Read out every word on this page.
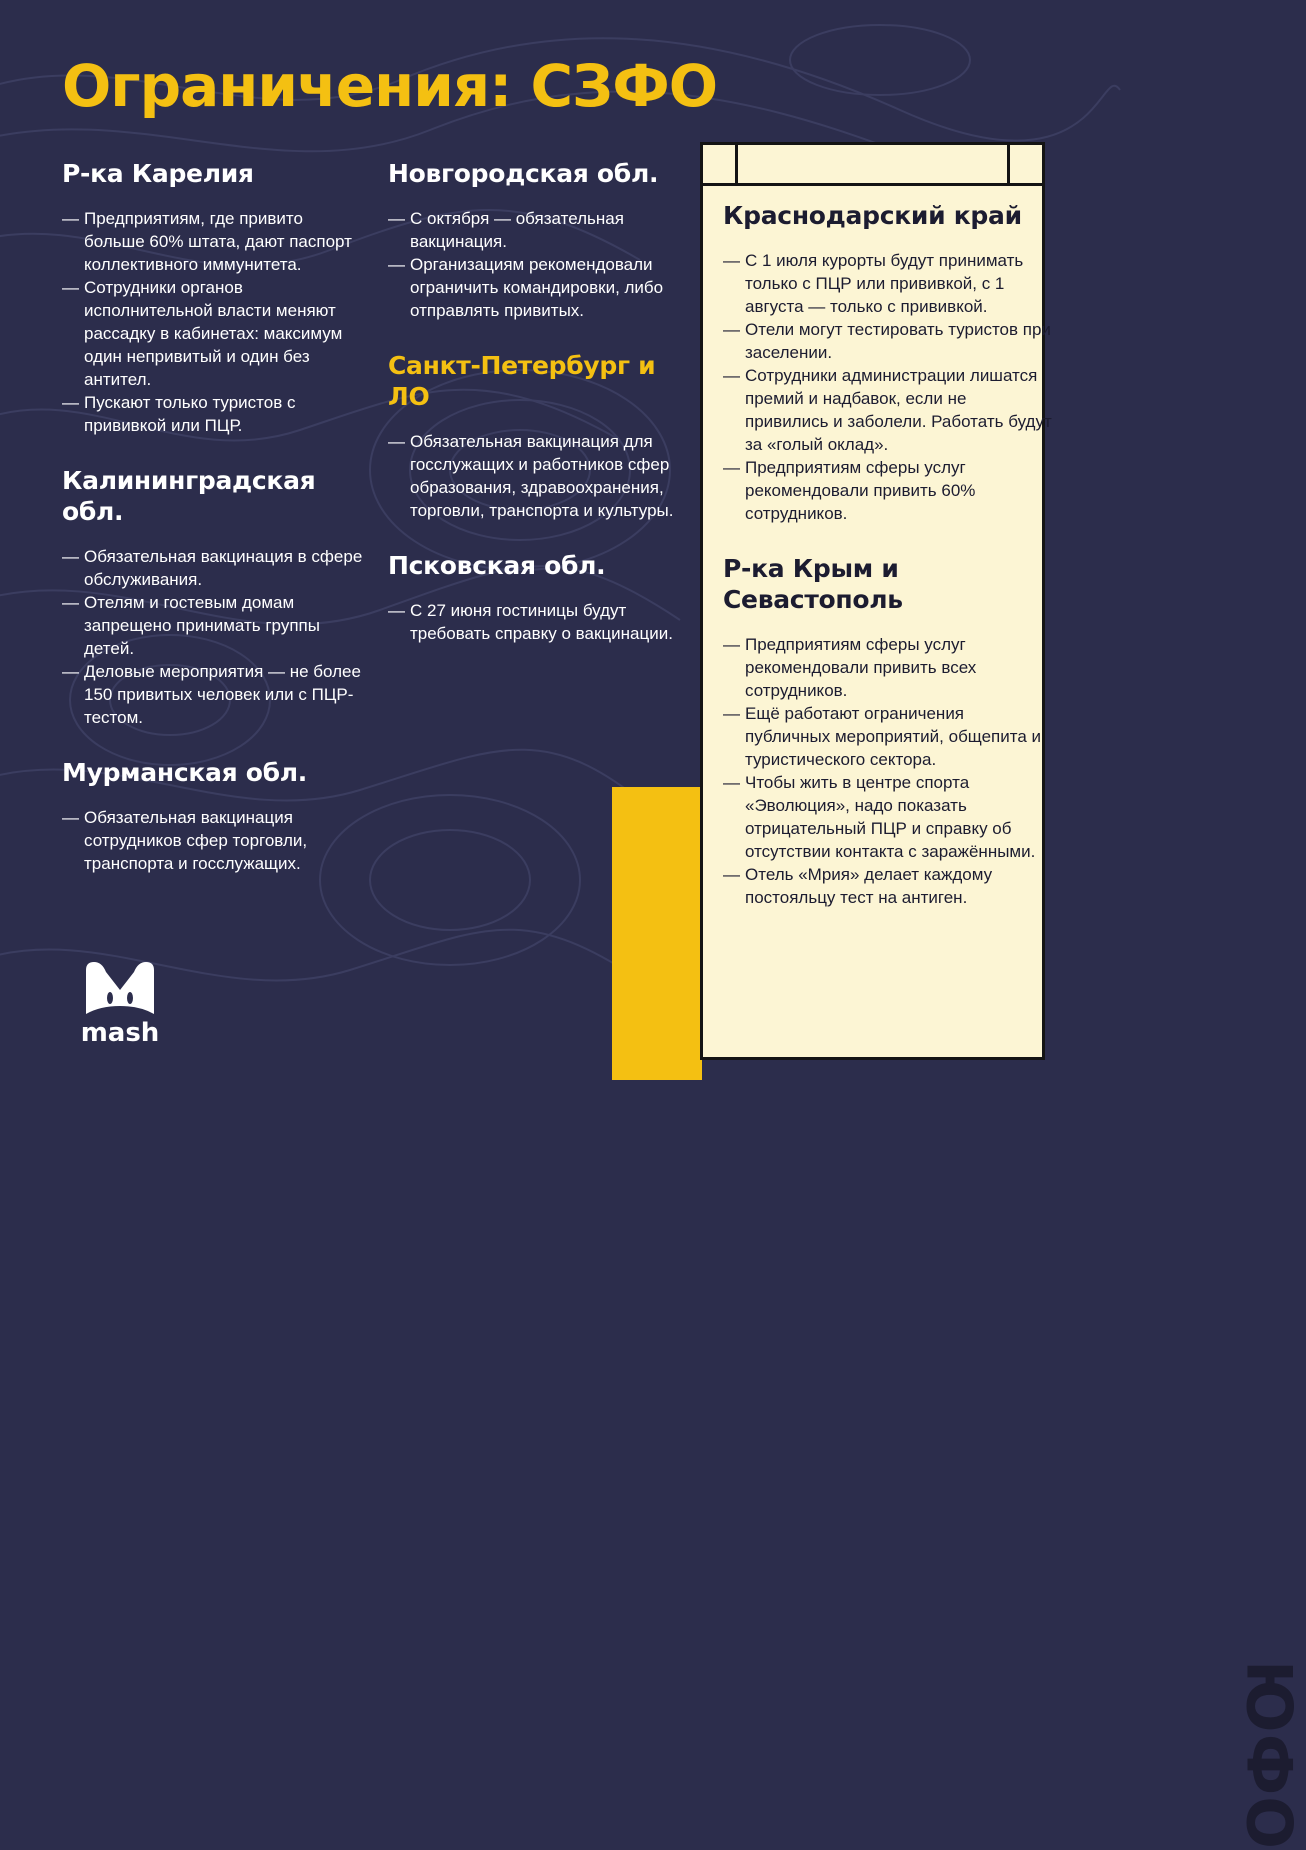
Ограничения: СЗФО
Р-ка Карелия
— Предприятиям, где привито больше 60% штата, дают паспорт коллективного иммунитета.
— Сотрудники органов исполнительной власти меняют рассадку в кабинетах: максимум один непривитый и один без антител.
— Пускают только туристов с прививкой или ПЦР.
Калининградская обл.
— Обязательная вакцинация в сфере обслуживания.
— Отелям и гостевым домам запрещено принимать группы детей.
— Деловые мероприятия — не более 150 привитых человек или с ПЦР-тестом.
Мурманская обл.
— Обязательная вакцинация сотрудников сфер торговли, транспорта и госслужащих.
Новгородская обл.
— С октября — обязательная вакцинация.
— Организациям рекомендовали ограничить командировки, либо отправлять привитых.
Санкт-Петербург и ЛО
— Обязательная вакцинация для госслужащих и работников сфер образования, здравоохранения, торговли, транспорта и культуры.
Псковская обл.
— С 27 июня гостиницы будут требовать справку о вакцинации.
ЮФО
Краснодарский край
— С 1 июля курорты будут принимать только с ПЦР или прививкой, с 1 августа — только с прививкой.
— Отели могут тестировать туристов при заселении.
— Сотрудники администрации лишатся премий и надбавок, если не привились и заболели. Работать будут за «голый оклад».
— Предприятиям сферы услуг рекомендовали привить 60% сотрудников.
Р-ка Крым и Севастополь
— Предприятиям сферы услуг рекомендовали привить всех сотрудников.
— Ещё работают ограничения публичных мероприятий, общепита и туристического сектора.
— Чтобы жить в центре спорта «Эволюция», надо показать отрицательный ПЦР и справку об отсутствии контакта с заражёнными.
— Отель «Мрия» делает каждому постояльцу тест на антиген.
mash
